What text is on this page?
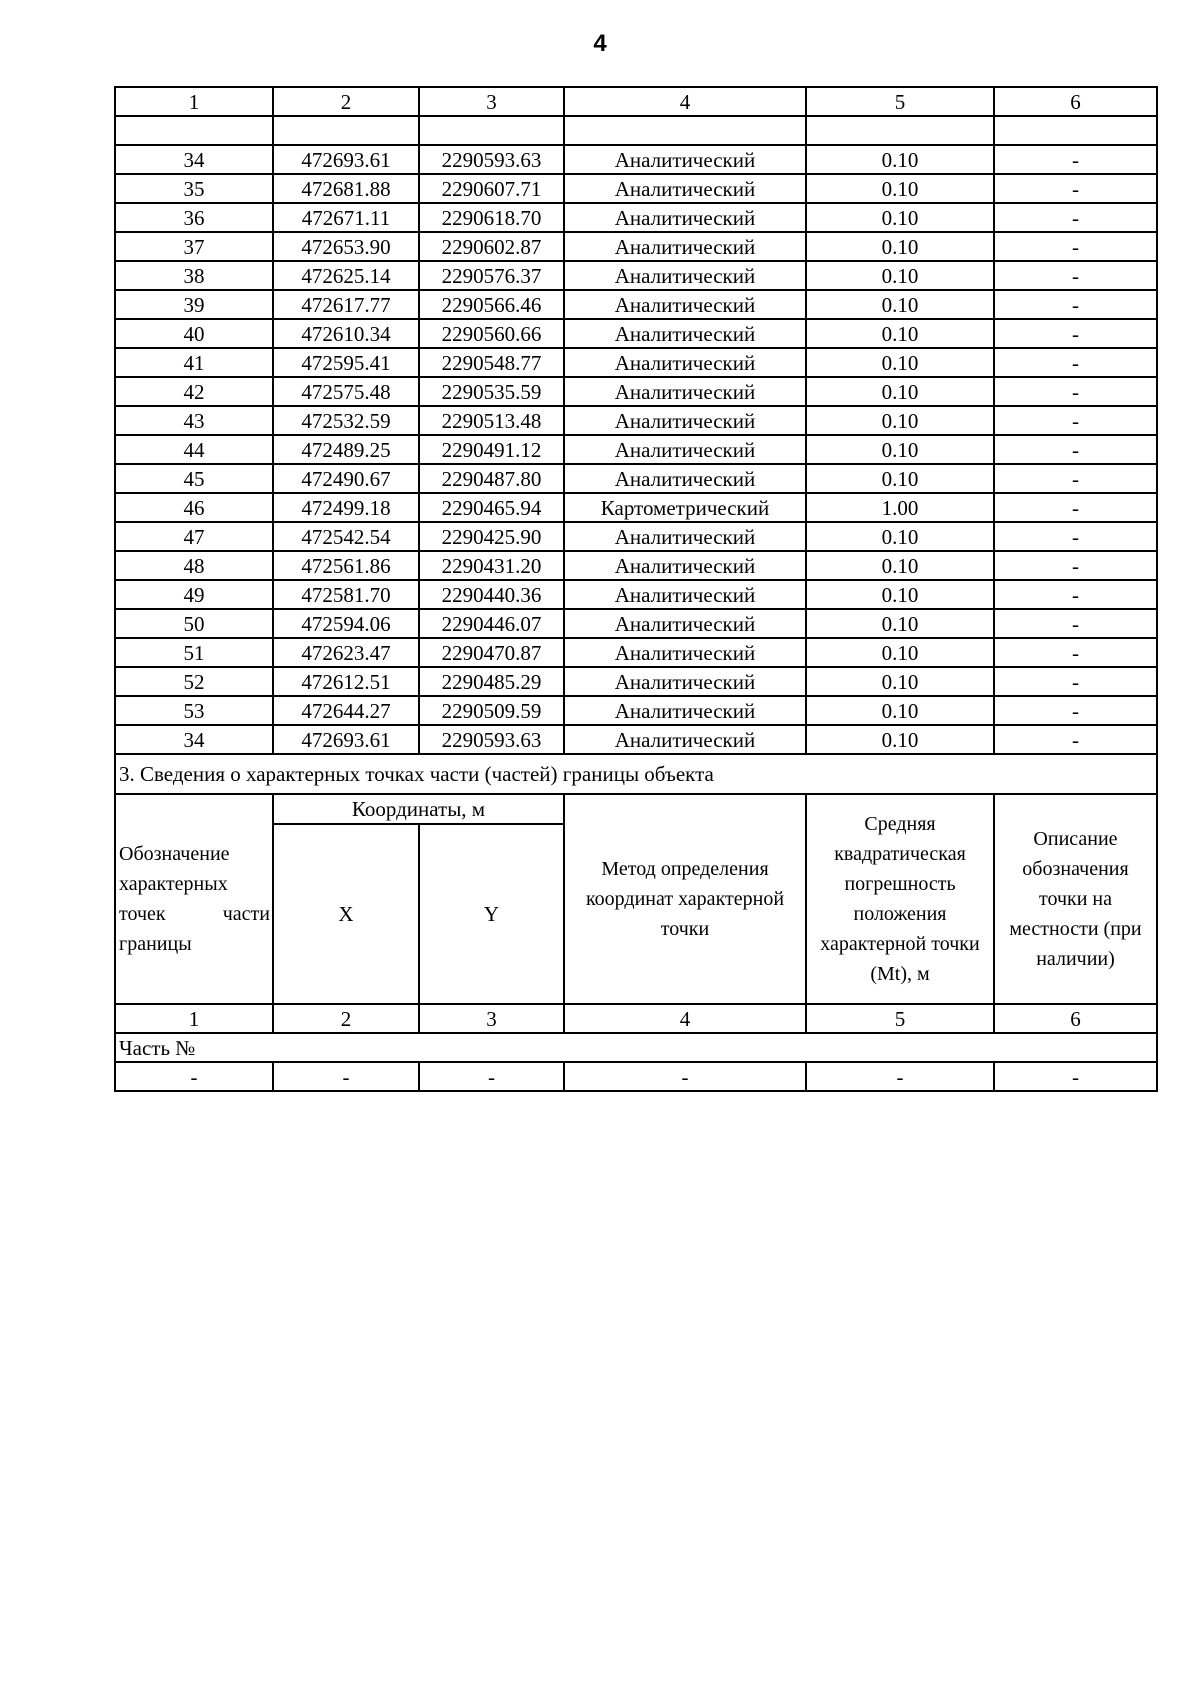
4
1	2	3	4	5	6

34	472693.61	2290593.63	Аналитический	0.10	-
35	472681.88	2290607.71	Аналитический	0.10	-
36	472671.11	2290618.70	Аналитический	0.10	-
37	472653.90	2290602.87	Аналитический	0.10	-
38	472625.14	2290576.37	Аналитический	0.10	-
39	472617.77	2290566.46	Аналитический	0.10	-
40	472610.34	2290560.66	Аналитический	0.10	-
41	472595.41	2290548.77	Аналитический	0.10	-
42	472575.48	2290535.59	Аналитический	0.10	-
43	472532.59	2290513.48	Аналитический	0.10	-
44	472489.25	2290491.12	Аналитический	0.10	-
45	472490.67	2290487.80	Аналитический	0.10	-
46	472499.18	2290465.94	Картометрический	1.00	-
47	472542.54	2290425.90	Аналитический	0.10	-
48	472561.86	2290431.20	Аналитический	0.10	-
49	472581.70	2290440.36	Аналитический	0.10	-
50	472594.06	2290446.07	Аналитический	0.10	-
51	472623.47	2290470.87	Аналитический	0.10	-
52	472612.51	2290485.29	Аналитический	0.10	-
53	472644.27	2290509.59	Аналитический	0.10	-
34	472693.61	2290593.63	Аналитический	0.10	-
3. Сведения о характерных точках части (частей) границы объекта					
Обозначение характерных точек части границы	Координаты, м		Метод определения координат характерной точки	Средняя квадратическая погрешность положения характерной точки (Mt), м	Описание обозначения точки на местности (при наличии)
	X	Y			
1	2	3	4	5	6
Часть №					
-	-	-	-	-	-
